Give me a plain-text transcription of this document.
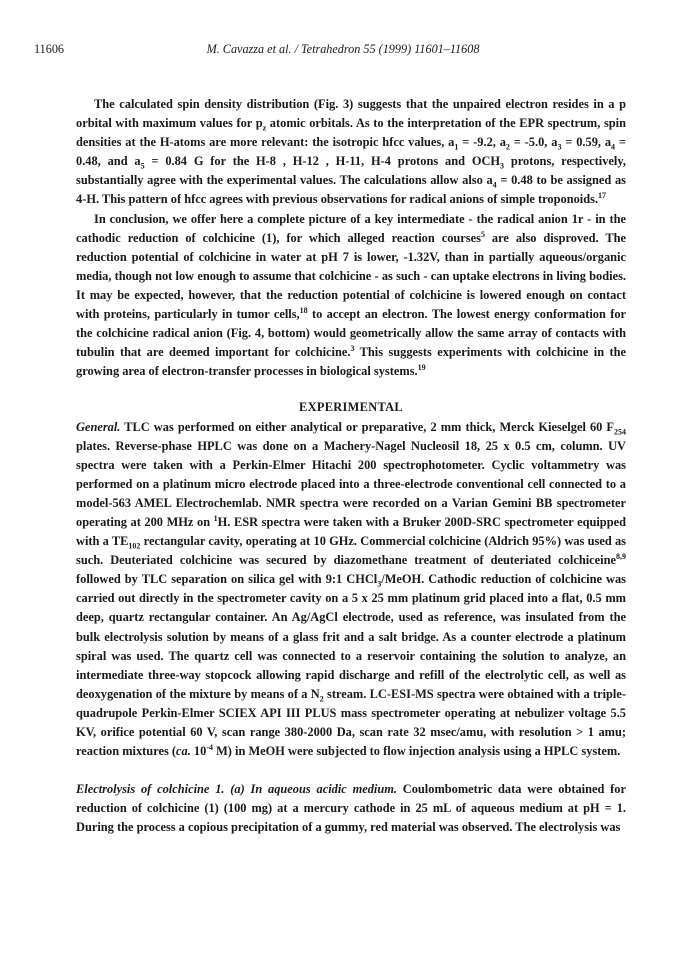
11606	M. Cavazza et al. / Tetrahedron 55 (1999) 11601–11608

The calculated spin density distribution (Fig. 3) suggests that the unpaired electron resides in a p orbital with maximum values for $p_z$ atomic orbitals. As to the interpretation of the EPR spectrum, spin densities at the H-atoms are more relevant: the isotropic hfcc values, $a_1 = -9.2$, $a_2 = -5.0$, $a_3 = 0.59$, $a_4 = 0.48$, and $a_5 = 0.84$ G for the H-8 , H-12 , H-11, H-4 protons and $OCH_3$ protons, respectively, substantially agree with the experimental values. The calculations allow also $a_4 = 0.48$ to be assigned as 4-H. This pattern of hfcc agrees with previous observations for radical anions of simple troponoids.$^{17}$

In conclusion, we offer here a complete picture of a key intermediate - the radical anion 1r - in the cathodic reduction of colchicine (1), for which alleged reaction courses$^5$ are also disproved. The reduction potential of colchicine in water at pH 7 is lower, -1.32V, than in partially aqueous/organic media, though not low enough to assume that colchicine - as such - can uptake electrons in living bodies. It may be expected, however, that the reduction potential of colchicine is lowered enough on contact with proteins, particularly in tumor cells,$^{18}$ to accept an electron. The lowest energy conformation for the colchicine radical anion (Fig. 4, bottom) would geometrically allow the same array of contacts with tubulin that are deemed important for colchicine.$^3$ This suggests experiments with colchicine in the growing area of electron-transfer processes in biological systems.$^{19}$

EXPERIMENTAL

General. TLC was performed on either analytical or preparative, 2 mm thick, Merck Kieselgel 60 $F_{254}$ plates. Reverse-phase HPLC was done on a Machery-Nagel Nucleosil 18, 25 x 0.5 cm, column. UV spectra were taken with a Perkin-Elmer Hitachi 200 spectrophotometer. Cyclic voltammetry was performed on a platinum micro electrode placed into a three-electrode conventional cell connected to a model-563 AMEL Electrochemlab. NMR spectra were recorded on a Varian Gemini BB spectrometer operating at 200 MHz on $^1$H. ESR spectra were taken with a Bruker 200D-SRC spectrometer equipped with a $TE_{102}$ rectangular cavity, operating at 10 GHz. Commercial colchicine (Aldrich 95%) was used as such. Deuteriated colchicine was secured by diazomethane treatment of deuteriated colchiceine$^{8,9}$ followed by TLC separation on silica gel with 9:1 CHCl$_3$/MeOH. Cathodic reduction of colchicine was carried out directly in the spectrometer cavity on a 5 x 25 mm platinum grid placed into a flat, 0.5 mm deep, quartz rectangular container. An Ag/AgCl electrode, used as reference, was insulated from the bulk electrolysis solution by means of a glass frit and a salt bridge. As a counter electrode a platinum spiral was used. The quartz cell was connected to a reservoir containing the solution to analyze, an intermediate three-way stopcock allowing rapid discharge and refill of the electrolytic cell, as well as deoxygenation of the mixture by means of a $N_2$ stream. LC-ESI-MS spectra were obtained with a triple-quadrupole Perkin-Elmer SCIEX API III PLUS mass spectrometer operating at nebulizer voltage 5.5 KV, orifice potential 60 V, scan range 380-2000 Da, scan rate 32 msec/amu, with resolution > 1 amu; reaction mixtures (ca. $10^{-4}$ M) in MeOH were subjected to flow injection analysis using a HPLC system.

Electrolysis of colchicine 1. (a) In aqueous acidic medium. Coulombometric data were obtained for reduction of colchicine (1) (100 mg) at a mercury cathode in 25 mL of aqueous medium at pH = 1. During the process a copious precipitation of a gummy, red material was observed. The electrolysis was
